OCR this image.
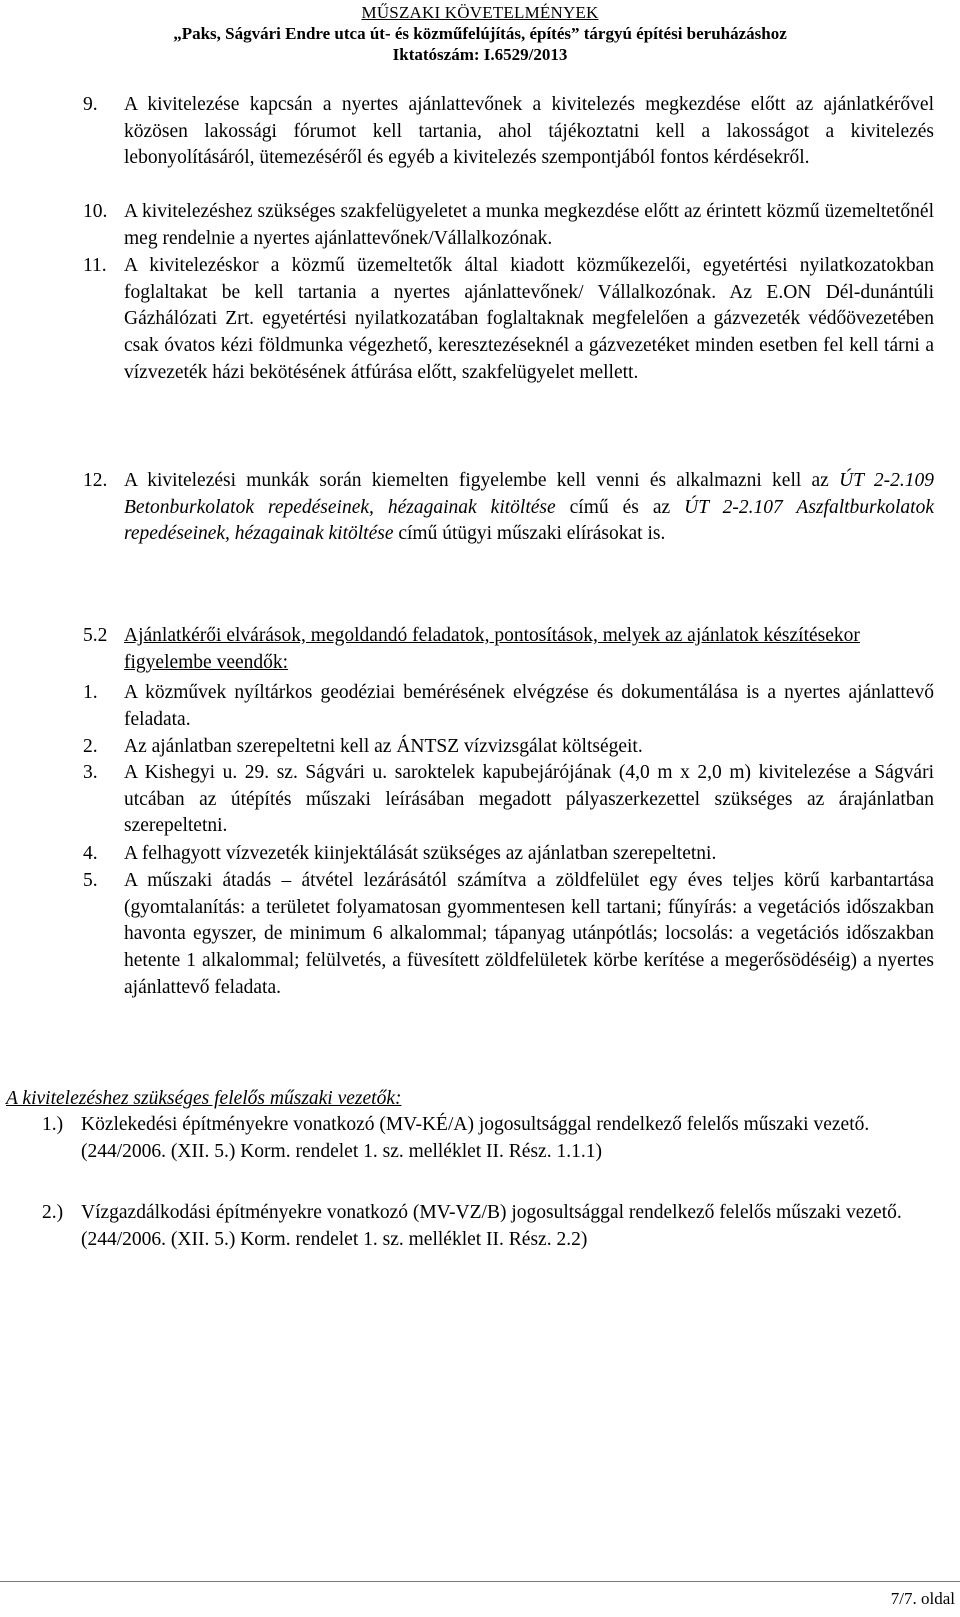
MŰSZAKI KÖVETELMÉNYEK
„Paks, Ságvári Endre utca út- és közműfelújítás, építés” tárgyú építési beruházáshoz
Iktatószám: I.6529/2013
9. A kivitelezése kapcsán a nyertes ajánlattevőnek a kivitelezés megkezdése előtt az ajánlatkérővel közösen lakossági fórumot kell tartania, ahol tájékoztatni kell a lakosságot a kivitelezés lebonyolításáról, ütemezéséről és egyéb a kivitelezés szempontjából fontos kérdésekről.
10. A kivitelezéshez szükséges szakfelügyeletet a munka megkezdése előtt az érintett közmű üzemeltetőnél meg rendelnie a nyertes ajánlattevőnek/Vállalkozónak.
11. A kivitelezéskor a közmű üzemeltetők által kiadott közműkezelői, egyetértési nyilatkozatokban foglaltakat be kell tartania a nyertes ajánlattevőnek/ Vállalkozónak. Az E.ON Dél-dunántúli Gázhálózati Zrt. egyetértési nyilatkozatában foglaltaknak megfelelően a gázvezeték védőövezetében csak óvatos kézi földmunka végezhető, keresztezéseknél a gázvezetéket minden esetben fel kell tárni a vízvezeték házi bekötésének átfúrása előtt, szakfelügyelet mellett.
12. A kivitelezési munkák során kiemelten figyelembe kell venni és alkalmazni kell az ÚT 2-2.109 Betonburkolatok repedéseinek, hézagainak kitöltése című és az ÚT 2-2.107 Aszfaltburkolatok repedéseinek, hézagainak kitöltése című útügyi műszaki elírásokat is.
5.2 Ajánlatkérői elvárások, megoldandó feladatok, pontosítások, melyek az ajánlatok készítésekor figyelembe veendők:
1. A közművek nyíltárkos geodéziai bemérésének elvégzése és dokumentálása is a nyertes ajánlattevő feladata.
2. Az ajánlatban szerepeltetni kell az ÁNTSZ vízvizsgálat költségeit.
3. A Kishegyi u. 29. sz. Ságvári u. saroktelek kapubejárójának (4,0 m x 2,0 m) kivitelezése a Ságvári utcában az útépítés műszaki leírásában megadott pályaszerkezettel szükséges az árajánlatban szerepeltetni.
4. A felhagyott vízvezeték kiinjektálását szükséges az ajánlatban szerepeltetni.
5. A műszaki átadás – átvétel lezárásától számítva a zöldfelület egy éves teljes körű karbantartása (gyomtalanítás: a területet folyamatosan gyommentesen kell tartani; fűnyírás: a vegetációs időszakban havonta egyszer, de minimum 6 alkalommal; tápanyag utánpótlás; locsolás: a vegetációs időszakban hetente 1 alkalommal; felülvetés, a füvesített zöldfelületek körbe kerítése a megerősödéséig) a nyertes ajánlattevő feladata.
A kivitelezéshez szükséges felelős műszaki vezetők:
1.) Közlekedési építményekre vonatkozó (MV-KÉ/A) jogosultsággal rendelkező felelős műszaki vezető.
(244/2006. (XII. 5.) Korm. rendelet 1. sz. melléklet II. Rész. 1.1.1)
2.) Vízgazdálkodási építményekre vonatkozó (MV-VZ/B) jogosultsággal rendelkező felelős műszaki vezető.
(244/2006. (XII. 5.) Korm. rendelet 1. sz. melléklet II. Rész. 2.2)
7/7. oldal
